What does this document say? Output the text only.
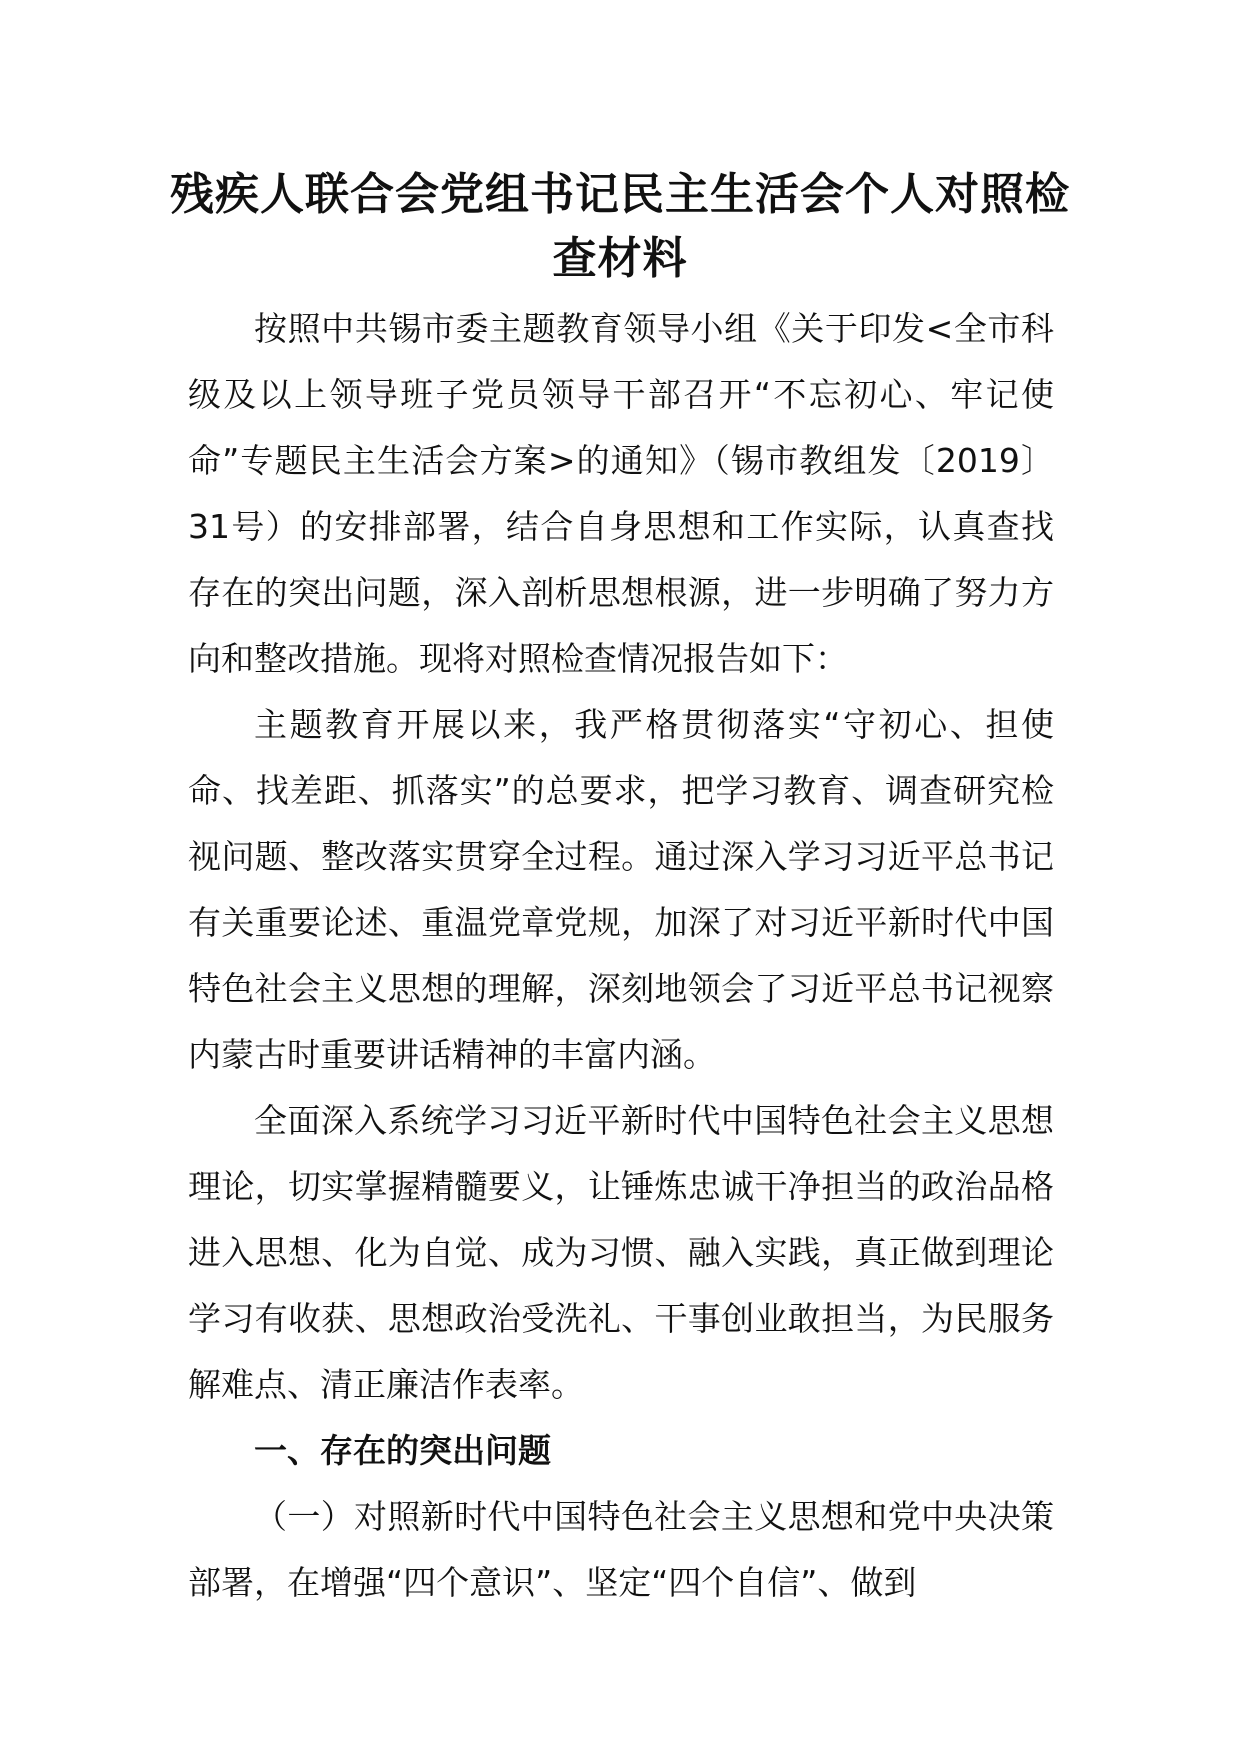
残疾人联合会党组书记民主生活会个人对照检查材料

按照中共锡市委主题教育领导小组《关于印发<全市科级及以上领导班子党员领导干部召开“不忘初心、牢记使命”专题民主生活会方案>的通知》（锡市教组发〔2019〕31号）的安排部署，结合自身思想和工作实际，认真查找存在的突出问题，深入剖析思想根源，进一步明确了努力方向和整改措施。现将对照检查情况报告如下：

主题教育开展以来，我严格贯彻落实“守初心、担使命、找差距、抓落实”的总要求，把学习教育、调查研究检视问题、整改落实贯穿全过程。通过深入学习习近平总书记有关重要论述、重温党章党规，加深了对习近平新时代中国特色社会主义思想的理解，深刻地领会了习近平总书记视察内蒙古时重要讲话精神的丰富内涵。

全面深入系统学习习近平新时代中国特色社会主义思想理论，切实掌握精髓要义，让锤炼忠诚干净担当的政治品格进入思想、化为自觉、成为习惯、融入实践，真正做到理论学习有收获、思想政治受洗礼、干事创业敢担当，为民服务解难点、清正廉洁作表率。

一、存在的突出问题

（一）对照新时代中国特色社会主义思想和党中央决策部署，在增强“四个意识”、坚定“四个自信”、做到
